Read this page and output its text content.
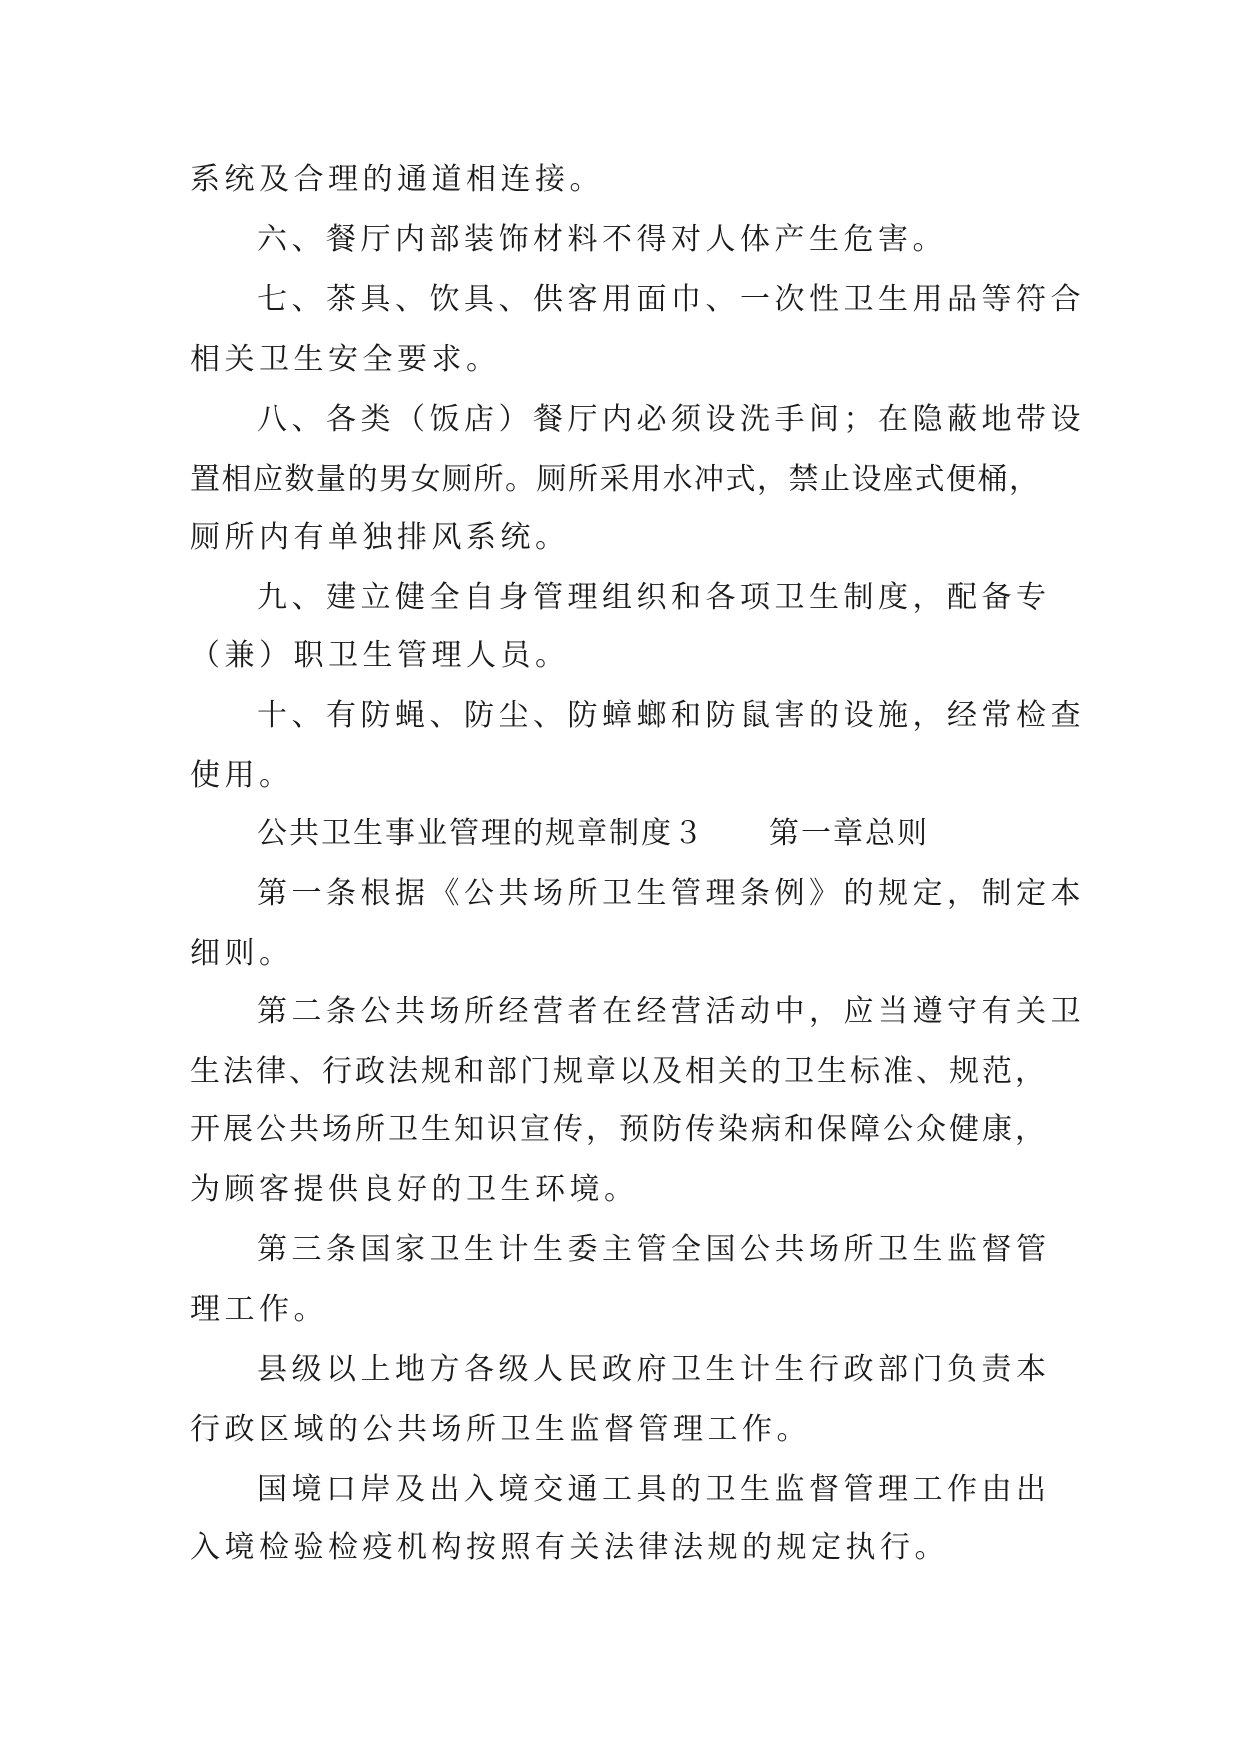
系统及合理的通道相连接。

六、餐厅内部装饰材料不得对人体产生危害。

七、茶具、饮具、供客用面巾、一次性卫生用品等符合

相关卫生安全要求。

八、各类（饭店）餐厅内必须设洗手间；在隐蔽地带设

置相应数量的男女厕所。厕所采用水冲式，禁止设座式便桶，

厕所内有单独排风系统。

九、建立健全自身管理组织和各项卫生制度，配备专

（兼）职卫生管理人员。

十、有防蝇、防尘、防蟑螂和防鼠害的设施，经常检查

使用。

公共卫生事业管理的规章制度３　　第一章总则

第一条根据《公共场所卫生管理条例》的规定，制定本

细则。

第二条公共场所经营者在经营活动中，应当遵守有关卫

生法律、行政法规和部门规章以及相关的卫生标准、规范，

开展公共场所卫生知识宣传，预防传染病和保障公众健康，

为顾客提供良好的卫生环境。

第三条国家卫生计生委主管全国公共场所卫生监督管

理工作。

县级以上地方各级人民政府卫生计生行政部门负责本

行政区域的公共场所卫生监督管理工作。

国境口岸及出入境交通工具的卫生监督管理工作由出

入境检验检疫机构按照有关法律法规的规定执行。
